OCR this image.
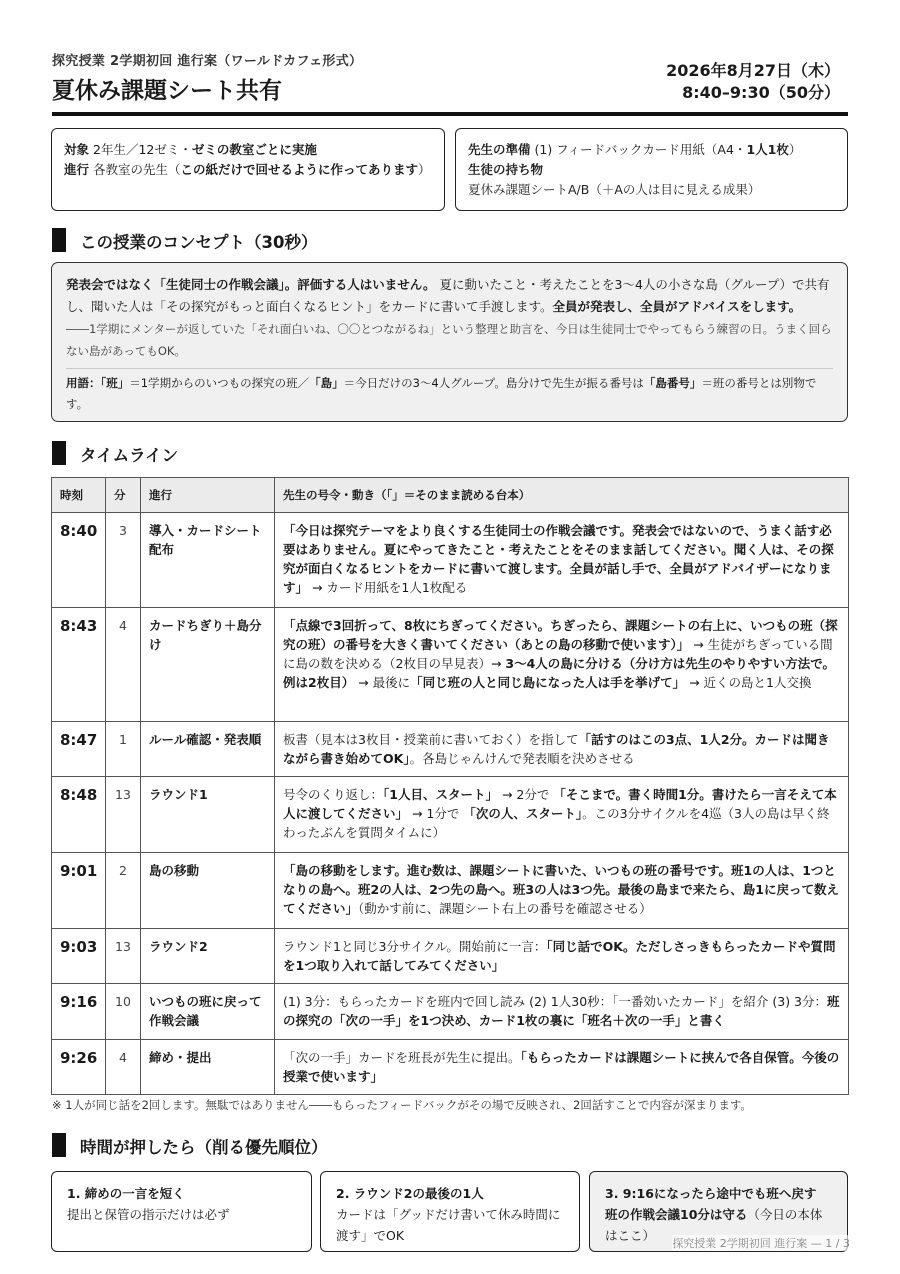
探究授業 2学期初回 進行案（ワールドカフェ形式）
夏休み課題シート共有
2026年8月27日（木）
8:40–9:30（50分）
対象 2年生／12ゼミ・ゼミの教室ごとに実施
進行 各教室の先生（この紙だけで回せるように作ってあります）
先生の準備 (1) フィードバックカード用紙（A4・1人1枚）
生徒の持ち物 夏休み課題シートA/B（＋Aの人は目に見える成果）
この授業のコンセプト（30秒）
発表会ではなく「生徒同士の作戦会議」。評価する人はいません。 夏に動いたこと・考えたことを3〜4人の小さな島（グループ）で共有し、聞いた人は「その探究がもっと面白くなるヒント」をカードに書いて手渡します。全員が発表し、全員がアドバイスをします。 ――1学期にメンターが返していた「それ面白いね、〇〇とつながるね」という整理と助言を、今日は生徒同士でやってもらう練習の日。うまく回らない島があってもOK。
用語：「班」＝1学期からのいつもの探究の班／「島」＝今日だけの3〜4人グループ。島分けで先生が振る番号は「島番号」＝班の番号とは別物です。
タイムライン
時刻	分	進行	先生の号令・動き（「」＝そのまま読める台本）
8:40	3	導入・カードシート配布	「今日は探究テーマをより良くする生徒同士の作戦会議です。発表会ではないので、うまく話す必要はありません。夏にやってきたこと・考えたことをそのまま話してください。聞く人は、その探究が面白くなるヒントをカードに書いて渡します。全員が話し手で、全員がアドバイザーになります」 → カード用紙を1人1枚配る
8:43	4	カードちぎり＋島分け	「点線で3回折って、8枚にちぎってください。ちぎったら、課題シートの右上に、いつもの班（探究の班）の番号を大きく書いてください（あとの島の移動で使います）」 → 生徒がちぎっている間に島の数を決める（2枚目の早見表）→ 3〜4人の島に分ける（分け方は先生のやりやすい方法で。例は2枚目） → 最後に「同じ班の人と同じ島になった人は手を挙げて」 → 近くの島と1人交換
8:47	1	ルール確認・発表順	板書（見本は3枚目・授業前に書いておく）を指して「話すのはこの3点、1人2分。カードは聞きながら書き始めてOK」。各島じゃんけんで発表順を決めさせる
8:48	13	ラウンド1	号令のくり返し：「1人目、スタート」 → 2分で 「そこまで。書く時間1分。書けたら一言そえて本人に渡してください」 → 1分で 「次の人、スタート」。この3分サイクルを4巡（3人の島は早く終わったぶんを質問タイムに）
9:01	2	島の移動	「島の移動をします。進む数は、課題シートに書いた、いつもの班の番号です。班1の人は、1つとなりの島へ。班2の人は、2つ先の島へ。班3の人は3つ先。最後の島まで来たら、島1に戻って数えてください」（動かす前に、課題シート右上の番号を確認させる）
9:03	13	ラウンド2	ラウンド1と同じ3分サイクル。開始前に一言：「同じ話でOK。ただしさっきもらったカードや質問を1つ取り入れて話してみてください」
9:16	10	いつもの班に戻って作戦会議	(1) 3分：もらったカードを班内で回し読み (2) 1人30秒：「一番効いたカード」を紹介 (3) 3分：班の探究の「次の一手」を1つ決め、カード1枚の裏に「班名＋次の一手」と書く
9:26	4	締め・提出	「次の一手」カードを班長が先生に提出。「もらったカードは課題シートに挟んで各自保管。今後の授業で使います」
※ 1人が同じ話を2回します。無駄ではありません――もらったフィードバックがその場で反映され、2回話すことで内容が深まります。
時間が押したら（削る優先順位）
1. 締めの一言を短く
提出と保管の指示だけは必ず
2. ラウンド2の最後の1人
カードは「グッドだけ書いて休み時間に渡す」でOK
3. 9:16になったら途中でも班へ戻す
班の作戦会議10分は守る（今日の本体はここ）
探究授業 2学期初回 進行案 — 1 / 3
